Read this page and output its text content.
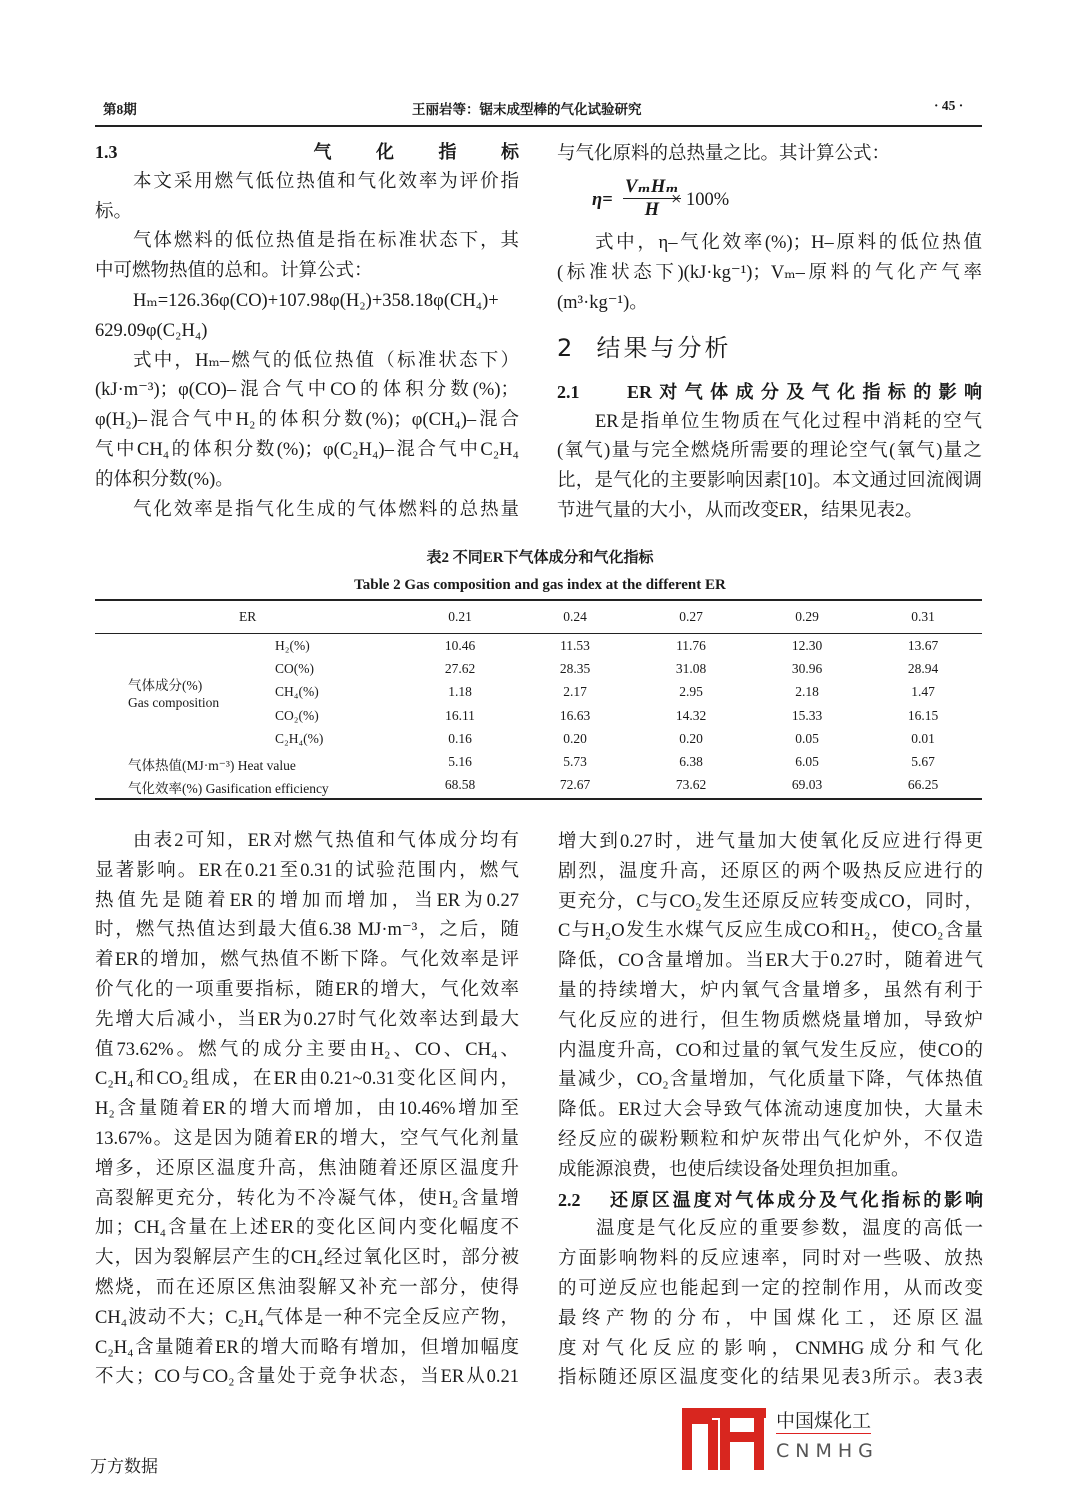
第8期	王丽岩等：锯末成型棒的气化试验研究	· 45 ·
1.3    气化指标
本文采用燃气低位热值和气化效率为评价指
标。
气体燃料的低位热值是指在标准状态下，其
中可燃物热值的总和。计算公式：
Hₘ=126.36φ(CO)+107.98φ(H₂)+358.18φ(CH₄)+
629.09φ(C₂H₄)
式中，Hₘ–燃气的低位热值（标准状态下）
(kJ·m⁻³)；φ(CO)–混合气中CO的体积分数(%)；
φ(H₂)–混合气中H₂的体积分数(%)；φ(CH₄)–混合
气中CH₄的体积分数(%)；φ(C₂H₄)–混合气中C₂H₄
的体积分数(%)。
气化效率是指气化生成的气体燃料的总热量
与气化原料的总热量之比。其计算公式：
η=
VₘHₘ
H × 100%
式中，η–气化效率(%)；H–原料的低位热值
(标准状态下)(kJ·kg⁻¹)；Vₘ–原料的气化产气率
(m³·kg⁻¹)。
2  结果与分析
2.1    ER对气体成分及气化指标的影响
ER是指单位生物质在气化过程中消耗的空气
(氧气)量与完全燃烧所需要的理论空气(氧气)量之
比，是气化的主要影响因素[10]。本文通过回流阀调
节进气量的大小，从而改变ER，结果见表2。
表2 不同ER下气体成分和气化指标
Table 2 Gas composition and gas index at the different ER
ER	0.21	0.24	0.27	0.29	0.31
气体成分(%)
Gas composition
H₂(%)	10.46	11.53	11.76	12.30	13.67
CO(%)	27.62	28.35	31.08	30.96	28.94
CH₄(%)	1.18	2.17	2.95	2.18	1.47
CO₂(%)	16.11	16.63	14.32	15.33	16.15
C₂H₄(%)	0.16	0.20	0.20	0.05	0.01
气体热值(MJ·m⁻³) Heat value	5.16	5.73	6.38	6.05	5.67
气化效率(%) Gasification efficiency	68.58	72.67	73.62	69.03	66.25
由表2可知，ER对燃气热值和气体成分均有
显著影响。ER在0.21至0.31的试验范围内，燃气
热值先是随着ER的增加而增加，当ER为0.27
时，燃气热值达到最大值6.38 MJ·m⁻³，之后，随
着ER的增加，燃气热值不断下降。气化效率是评
价气化的一项重要指标，随ER的增大，气化效率
先增大后减小，当ER为0.27时气化效率达到最大
值73.62%。燃气的成分主要由H₂、CO、CH₄、
C₂H₄和CO₂组成，在ER由0.21~0.31变化区间内，
H₂含量随着ER的增大而增加，由10.46%增加至
13.67%。这是因为随着ER的增大，空气气化剂量
增多，还原区温度升高，焦油随着还原区温度升
高裂解更充分，转化为不冷凝气体，使H₂含量增
加；CH₄含量在上述ER的变化区间内变化幅度不
大，因为裂解层产生的CH₄经过氧化区时，部分被
燃烧，而在还原区焦油裂解又补充一部分，使得
CH₄波动不大；C₂H₄气体是一种不完全反应产物，
C₂H₄含量随着ER的增大而略有增加，但增加幅度
不大；CO与CO₂含量处于竞争状态，当ER从0.21
增大到0.27时，进气量加大使氧化反应进行得更
剧烈，温度升高，还原区的两个吸热反应进行的
更充分，C与CO₂发生还原反应转变成CO，同时，
C与H₂O发生水煤气反应生成CO和H₂，使CO₂含量
降低，CO含量增加。当ER大于0.27时，随着进气
量的持续增大，炉内氧气含量增多，虽然有利于
气化反应的进行，但生物质燃烧量增加，导致炉
内温度升高，CO和过量的氧气发生反应，使CO的
量减少，CO₂含量增加，气化质量下降，气体热值
降低。ER过大会导致气体流动速度加快，大量未
经反应的碳粉颗粒和炉灰带出气化炉外，不仅造
成能源浪费，也使后续设备处理负担加重。
2.2    还原区温度对气体成分及气化指标的影响
温度是气化反应的重要参数，温度的高低一
方面影响物料的反应速率，同时对一些吸、放热
的可逆反应也能起到一定的控制作用，从而改变
最终产物的分布，中国煤化工，还原区温
度对气化反应的影响，CNMHG成分和气化
指标随还原区温度变化的结果见表3所示。表3表
中国煤化工
CNMHG
万方数据
